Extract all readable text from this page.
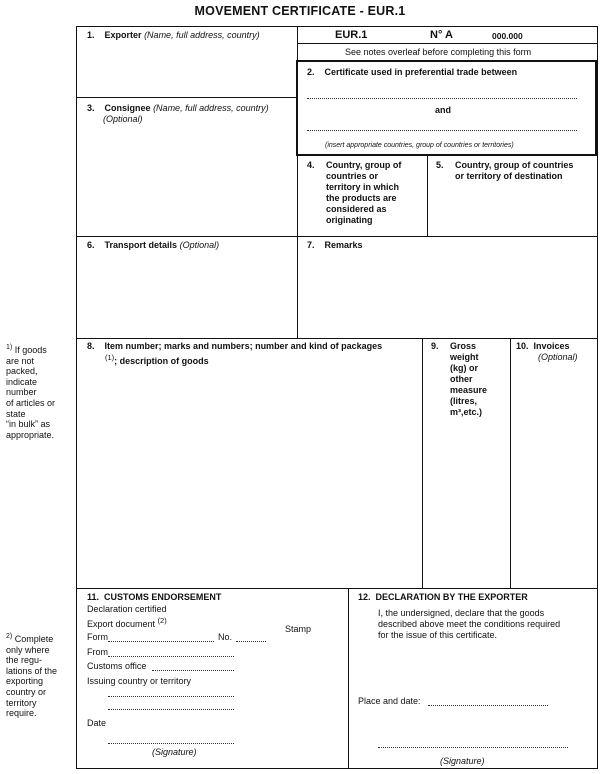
MOVEMENT CERTIFICATE - EUR.1
EUR.1	N° A	000.000
See notes overleaf before completing this form
1. Exporter (Name, full address, country)
2. Certificate used in preferential trade between
and
(insert appropriate countries, group of countries or territories)
3. Consignee (Name, full address, country)
(Optional)
4. Country, group of
countries or
territory in which
the products are
considered as
originating
5. Country, group of countries
or territory of destination
6. Transport details (Optional)	7. Remarks
8. Item number; marks and numbers; number and kind of packages
$^{(1)}$; description of goods
9. Gross
weight
(kg) or
other
measure
(litres,
m³,etc.)
10. Invoices
(Optional)
11. CUSTOMS ENDORSEMENT
Declaration certified
Export document $^{(2)}$
Form	No.
Stamp
From
Customs office
Issuing country or territory
Date
(Signature)
12. DECLARATION BY THE EXPORTER
I, the undersigned, declare that the goods
described above meet the conditions required
for the issue of this certificate.
Place and date:
(Signature)
$^{1)}$ If goods
are not
packed,
indicate
number
of articles or
state
“in bulk” as
appropriate.
$^{2)}$ Complete
only where
the regu-
lations of the
exporting
country or
territory
require.
